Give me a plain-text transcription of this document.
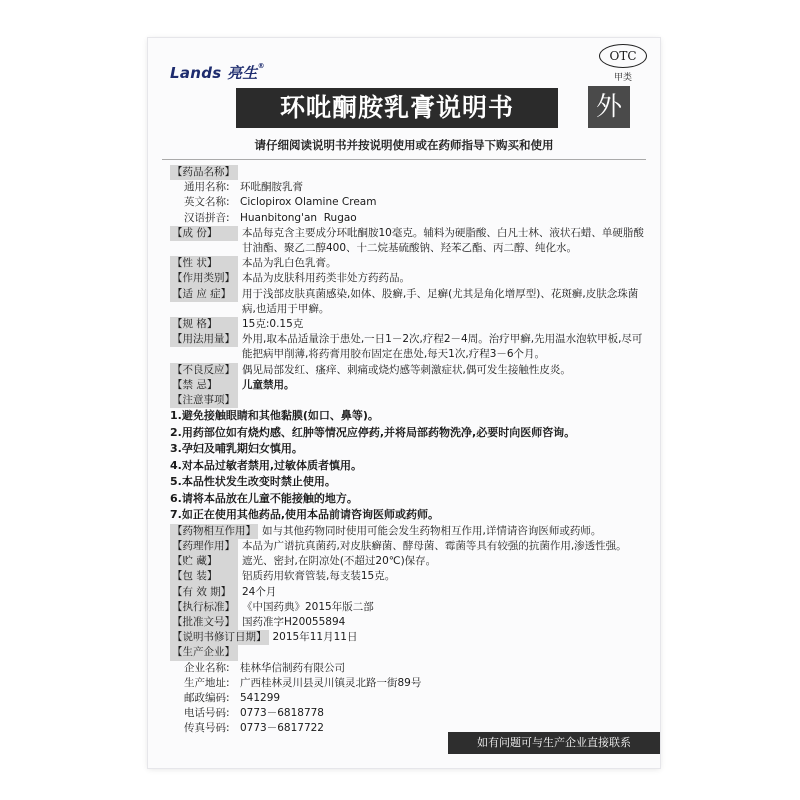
Lands 亮生®
OTC
甲类
环吡酮胺乳膏说明书	外
请仔细阅读说明书并按说明使用或在药师指导下购买和使用
【药品名称】
通用名称: 环吡酮胺乳膏
英文名称: Ciclopirox Olamine Cream
汉语拼音: Huanbitong'an  Rugao
【成 份】	本品每克含主要成分环吡酮胺10毫克。辅料为硬脂酸、白凡士林、液状石蜡、单硬脂酸甘油酯、聚乙二醇400、十二烷基硫酸钠、羟苯乙酯、丙二醇、纯化水。
【性 状】	本品为乳白色乳膏。
【作用类别】 本品为皮肤科用药类非处方药药品。
【适 应 症】	用于浅部皮肤真菌感染,如体、股癣,手、足癣(尤其是角化增厚型)、花斑癣,皮肤念珠菌病,也适用于甲癣。
【规 格】	15克:0.15克
【用法用量】 外用,取本品适量涂于患处,一日1－2次,疗程2－4周。治疗甲癣,先用温水泡软甲板,尽可能把病甲削薄,将药膏用胶布固定在患处,每天1次,疗程3－6个月。
【不良反应】 偶见局部发红、瘙痒、刺痛或烧灼感等刺激症状,偶可发生接触性皮炎。
【禁 忌】	儿童禁用。
【注意事项】
1.避免接触眼睛和其他黏膜(如口、鼻等)。
2.用药部位如有烧灼感、红肿等情况应停药,并将局部药物洗净,必要时向医师咨询。
3.孕妇及哺乳期妇女慎用。
4.对本品过敏者禁用,过敏体质者慎用。
5.本品性状发生改变时禁止使用。
6.请将本品放在儿童不能接触的地方。
7.如正在使用其他药品,使用本品前请咨询医师或药师。
【药物相互作用】 如与其他药物同时使用可能会发生药物相互作用,详情请咨询医师或药师。
【药理作用】 本品为广谱抗真菌药,对皮肤癣菌、酵母菌、霉菌等具有较强的抗菌作用,渗透性强。
【贮 藏】	遮光、密封,在阴凉处(不超过20℃)保存。
【包 装】	铝质药用软膏管装,每支装15克。
【有 效 期】	24个月
【执行标准】 《中国药典》2015年版二部
【批准文号】 国药准字H20055894
【说明书修订日期】 2015年11月11日
【生产企业】
企业名称: 桂林华信制药有限公司
生产地址: 广西桂林灵川县灵川镇灵北路一街89号
邮政编码: 541299
电话号码: 0773－6818778
传真号码: 0773－6817722
如有问题可与生产企业直接联系
